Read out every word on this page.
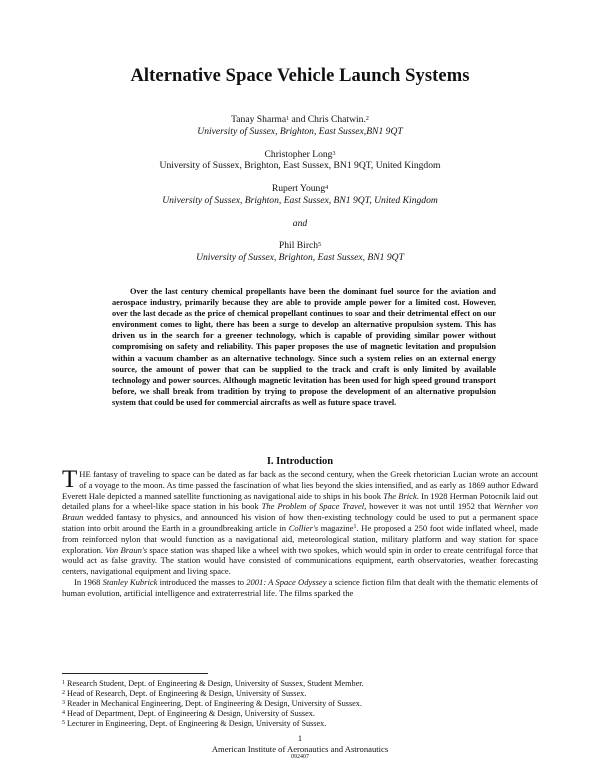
Alternative Space Vehicle Launch Systems
Tanay Sharma$^1$ and Chris Chatwin.$^2$
University of Sussex, Brighton, East Sussex,BN1 9QT
Christopher Long$^3$
University of Sussex, Brighton, East Sussex, BN1 9QT, United Kingdom
Rupert Young$^4$
University of Sussex, Brighton, East Sussex, BN1 9QT, United Kingdom
and
Phil Birch$^5$
University of Sussex, Brighton, East Sussex, BN1 9QT
Over the last century chemical propellants have been the dominant fuel source for the aviation and aerospace industry, primarily because they are able to provide ample power for a limited cost. However, over the last decade as the price of chemical propellant continues to soar and their detrimental effect on our environment comes to light, there has been a surge to develop an alternative propulsion system. This has driven us in the search for a greener technology, which is capable of providing similar power without compromising on safety and reliability. This paper proposes the use of magnetic levitation and propulsion within a vacuum chamber as an alternative technology. Since such a system relies on an external energy source, the amount of power that can be supplied to the track and craft is only limited by available technology and power sources. Although magnetic levitation has been used for high speed ground transport before, we shall break from tradition by trying to propose the development of an alternative propulsion system that could be used for commercial aircrafts as well as future space travel.
I. Introduction
THE fantasy of traveling to space can be dated as far back as the second century, when the Greek rhetorician Lucian wrote an account of a voyage to the moon. As time passed the fascination of what lies beyond the skies intensified, and as early as 1869 author Edward Everett Hale depicted a manned satellite functioning as navigational aide to ships in his book The Brick. In 1928 Herman Potocnik laid out detailed plans for a wheel-like space station in his book The Problem of Space Travel, however it was not until 1952 that Wernher von Braun wedded fantasy to physics, and announced his vision of how then-existing technology could be used to put a permanent space station into orbit around the Earth in a groundbreaking article in Collier's magazine$^1$. He proposed a 250 foot wide inflated wheel, made from reinforced nylon that would function as a navigational aid, meteorological station, military platform and way station for space exploration. Von Braun's space station was shaped like a wheel with two spokes, which would spin in order to create centrifugal force that would act as false gravity. The station would have consisted of communications equipment, earth observatories, weather forecasting centers, navigational equipment and living space.
In 1968 Stanley Kubrick introduced the masses to 2001: A Space Odyssey a science fiction film that dealt with the thematic elements of human evolution, artificial intelligence and extraterrestrial life. The films sparked the
$^1$ Research Student, Dept. of Engineering & Design, University of Sussex, Student Member.
$^2$ Head of Research, Dept. of Engineering & Design, University of Sussex.
$^3$ Reader in Mechanical Engineering, Dept. of Engineering & Design, University of Sussex.
$^4$ Head of Department, Dept. of Engineering & Design, University of Sussex.
$^5$ Lecturer in Engineering, Dept. of Engineering & Design, University of Sussex.
1
American Institute of Aeronautics and Astronautics
092407
